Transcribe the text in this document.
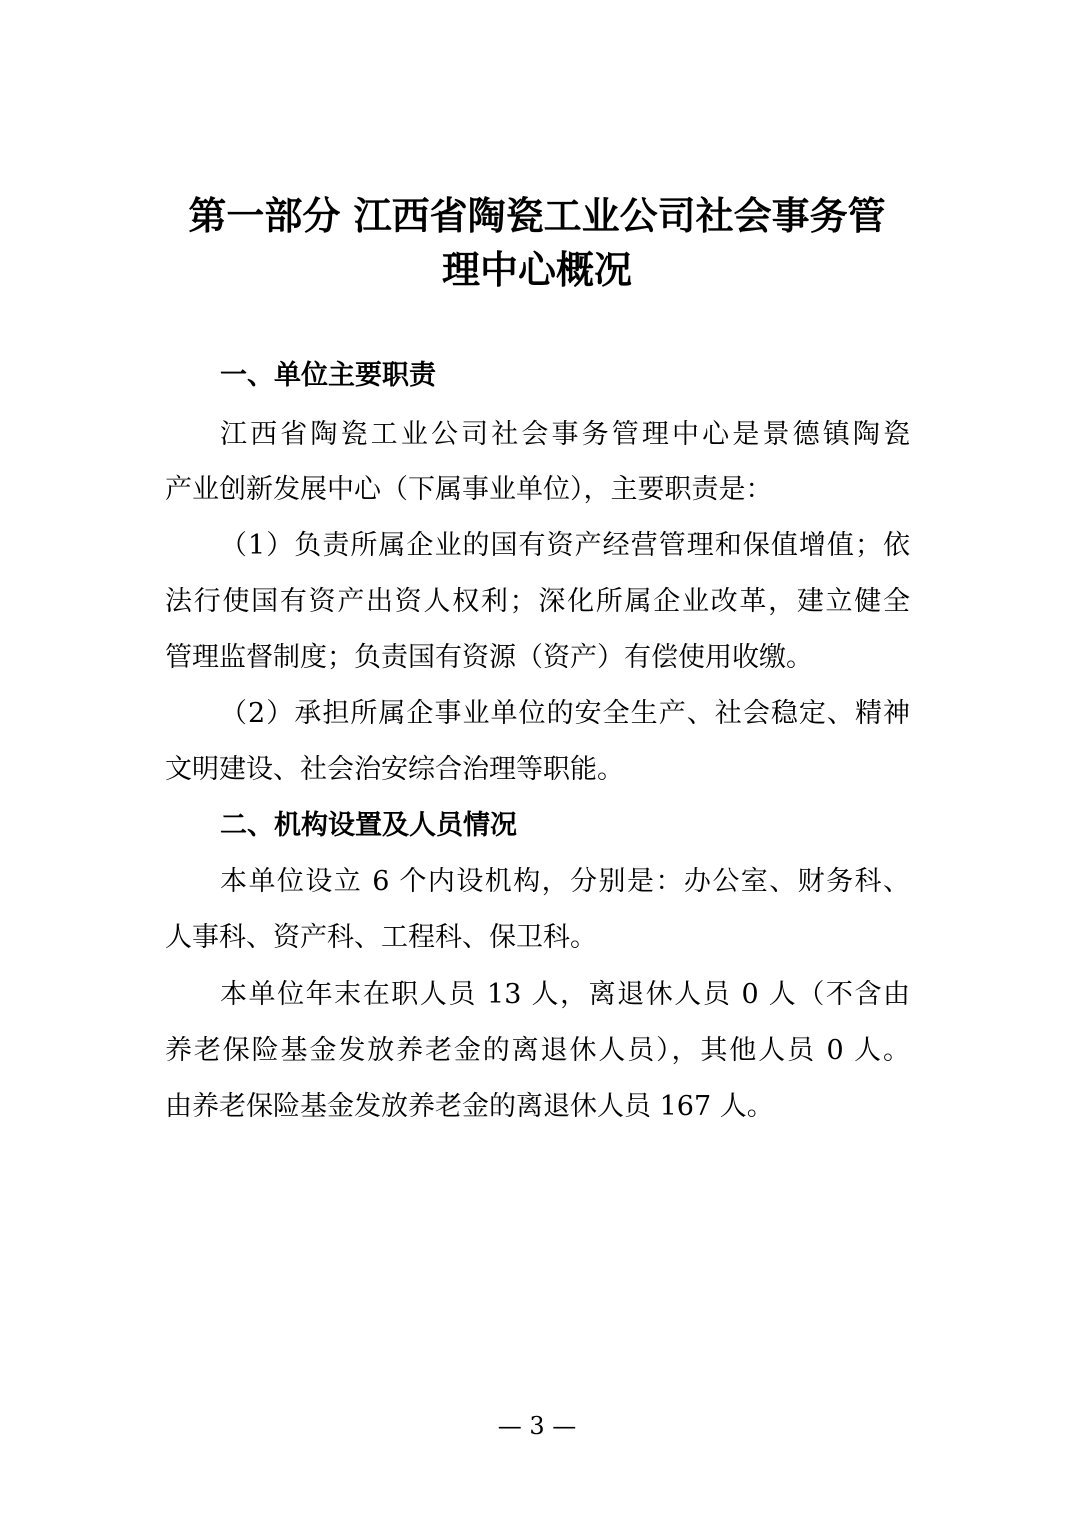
第一部分 江西省陶瓷工业公司社会事务管
理中心概况
一、单位主要职责
江西省陶瓷工业公司社会事务管理中心是景德镇陶瓷
产业创新发展中心（下属事业单位），主要职责是：
（1）负责所属企业的国有资产经营管理和保值增值；依
法行使国有资产出资人权利；深化所属企业改革，建立健全
管理监督制度；负责国有资源（资产）有偿使用收缴。
（2）承担所属企事业单位的安全生产、社会稳定、精神
文明建设、社会治安综合治理等职能。
二、机构设置及人员情况
本单位设立 6 个内设机构，分别是：办公室、财务科、
人事科、资产科、工程科、保卫科。
本单位年末在职人员 13 人，离退休人员 0 人（不含由
养老保险基金发放养老金的离退休人员），其他人员 0 人。
由养老保险基金发放养老金的离退休人员 167 人。
— 3 —
